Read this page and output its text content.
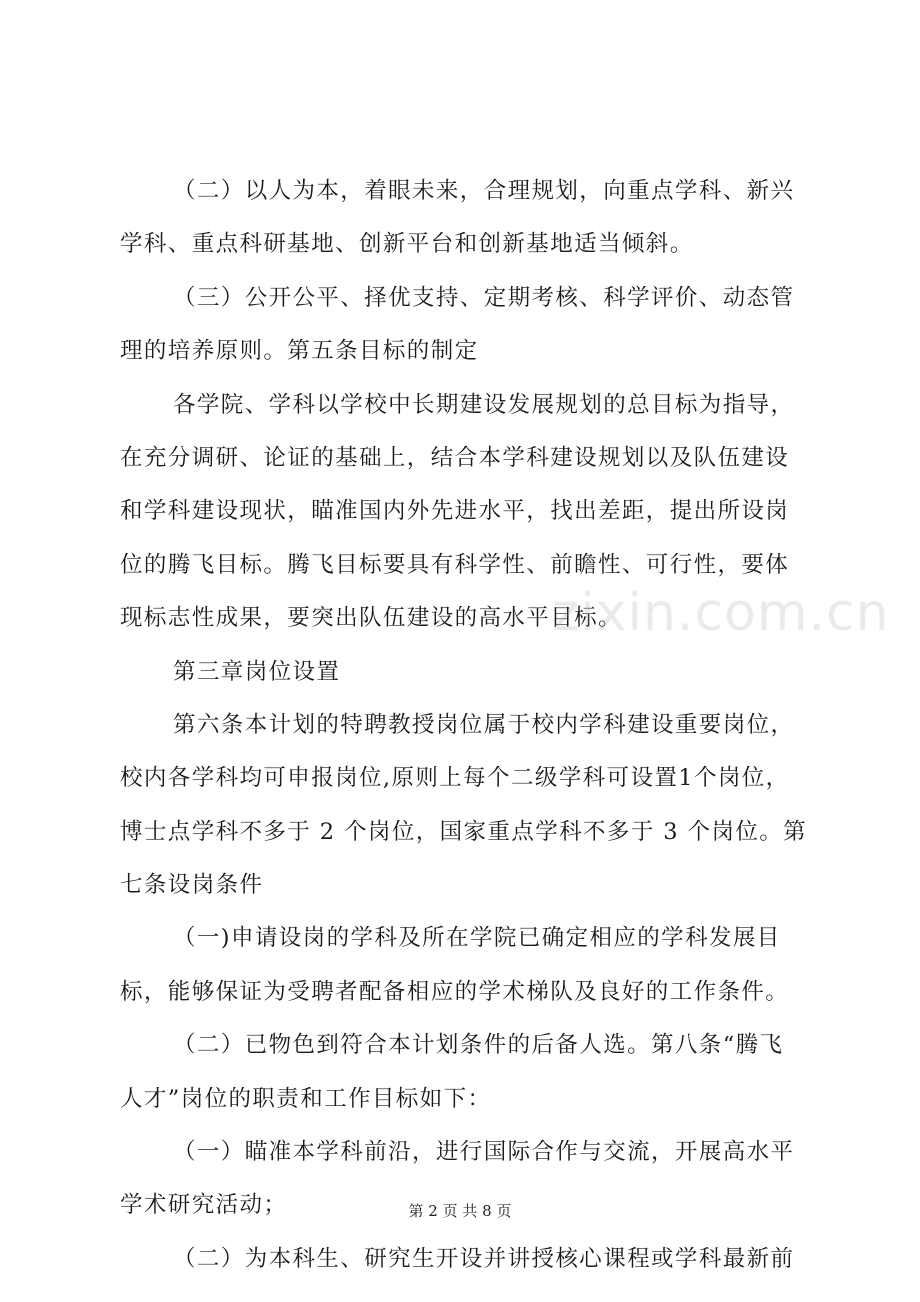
（二）以人为本，着眼未来，合理规划，向重点学科、新兴
学科、重点科研基地、创新平台和创新基地适当倾斜。
（三）公开公平、择优支持、定期考核、科学评价、动态管
理的培养原则。第五条目标的制定
各学院、学科以学校中长期建设发展规划的总目标为指导，
在充分调研、论证的基础上，结合本学科建设规划以及队伍建设
和学科建设现状，瞄准国内外先进水平，找出差距，提出所设岗
位的腾飞目标。腾飞目标要具有科学性、前瞻性、可行性，要体
现标志性成果，要突出队伍建设的高水平目标。
第三章岗位设置
第六条本计划的特聘教授岗位属于校内学科建设重要岗位，
校内各学科均可申报岗位,原则上每个二级学科可设置1个岗位，
博士点学科不多于 2 个岗位，国家重点学科不多于 3 个岗位。第
七条设岗条件
（一)申请设岗的学科及所在学院已确定相应的学科发展目
标，能够保证为受聘者配备相应的学术梯队及良好的工作条件。
（二）已物色到符合本计划条件的后备人选。第八条“腾飞
人才”岗位的职责和工作目标如下：
（一）瞄准本学科前沿，进行国际合作与交流，开展高水平
学术研究活动；
（二）为本科生、研究生开设并讲授核心课程或学科最新前
zixin.com.cn
第 2 页 共 8 页
